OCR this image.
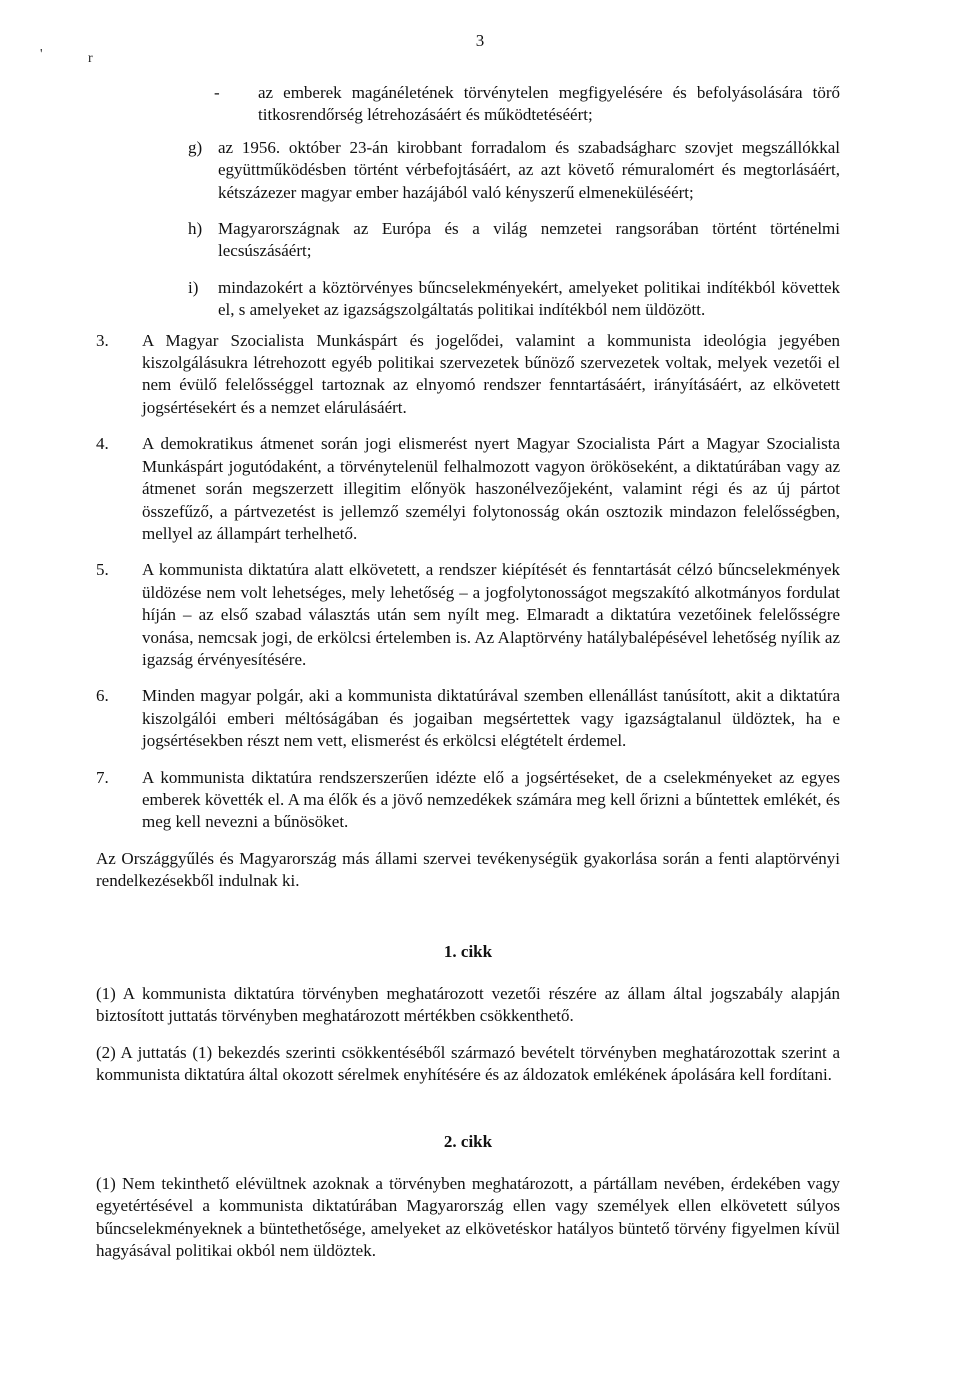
3
'	r
- az emberek magánéletének törvénytelen megfigyelésére és befolyásolására törő titkosrendőrség létrehozásáért és működtetéséért;
g) az 1956. október 23-án kirobbant forradalom és szabadságharc szovjet megszállókkal együttműködésben történt vérbefojtásáért, az azt követő rémuralomért és megtorlásáért, kétszázezer magyar ember hazájából való kényszerű elmeneküléséért;
h) Magyarországnak az Európa és a világ nemzetei rangsorában történt történelmi lecsúszásáért;
i) mindazokért a köztörvényes bűncselekményekért, amelyeket politikai indítékból követtek el, s amelyeket az igazságszolgáltatás politikai indítékból nem üldözött.
3. A Magyar Szocialista Munkáspárt és jogelődei, valamint a kommunista ideológia jegyében kiszolgálásukra létrehozott egyéb politikai szervezetek bűnöző szervezetek voltak, melyek vezetői el nem évülő felelősséggel tartoznak az elnyomó rendszer fenntartásáért, irányításáért, az elkövetett jogsértésekért és a nemzet elárulásáért.
4. A demokratikus átmenet során jogi elismerést nyert Magyar Szocialista Párt a Magyar Szocialista Munkáspárt jogutódaként, a törvénytelenül felhalmozott vagyon örököseként, a diktatúrában vagy az átmenet során megszerzett illegitim előnyök haszonélvezőjeként, valamint régi és az új pártot összefűző, a pártvezetést is jellemző személyi folytonosság okán osztozik mindazon felelősségben, mellyel az állampárt terhelhető.
5. A kommunista diktatúra alatt elkövetett, a rendszer kiépítését és fenntartását célzó bűncselekmények üldözése nem volt lehetséges, mely lehetőség – a jogfolytonosságot megszakító alkotmányos fordulat híján – az első szabad választás után sem nyílt meg. Elmaradt a diktatúra vezetőinek felelősségre vonása, nemcsak jogi, de erkölcsi értelemben is. Az Alaptörvény hatálybalépésével lehetőség nyílik az igazság érvényesítésére.
6. Minden magyar polgár, aki a kommunista diktatúrával szemben ellenállást tanúsított, akit a diktatúra kiszolgálói emberi méltóságában és jogaiban megsértettek vagy igazságtalanul üldöztek, ha e jogsértésekben részt nem vett, elismerést és erkölcsi elégtételt érdemel.
7. A kommunista diktatúra rendszerszerűen idézte elő a jogsértéseket, de a cselekményeket az egyes emberek követték el. A ma élők és a jövő nemzedékek számára meg kell őrizni a bűntettek emlékét, és meg kell nevezni a bűnösöket.
Az Országgyűlés és Magyarország más állami szervei tevékenységük gyakorlása során a fenti alaptörvényi rendelkezésekből indulnak ki.
1. cikk
(1) A kommunista diktatúra törvényben meghatározott vezetői részére az állam által jogszabály alapján biztosított juttatás törvényben meghatározott mértékben csökkenthető.
(2) A juttatás (1) bekezdés szerinti csökkentéséből származó bevételt törvényben meghatározottak szerint a kommunista diktatúra által okozott sérelmek enyhítésére és az áldozatok emlékének ápolására kell fordítani.
2. cikk
(1) Nem tekinthető elévültnek azoknak a törvényben meghatározott, a pártállam nevében, érdekében vagy egyetértésével a kommunista diktatúrában Magyarország ellen vagy személyek ellen elkövetett súlyos bűncselekményeknek a büntethetősége, amelyeket az elkövetéskor hatályos büntető törvény figyelmen kívül hagyásával politikai okból nem üldöztek.
